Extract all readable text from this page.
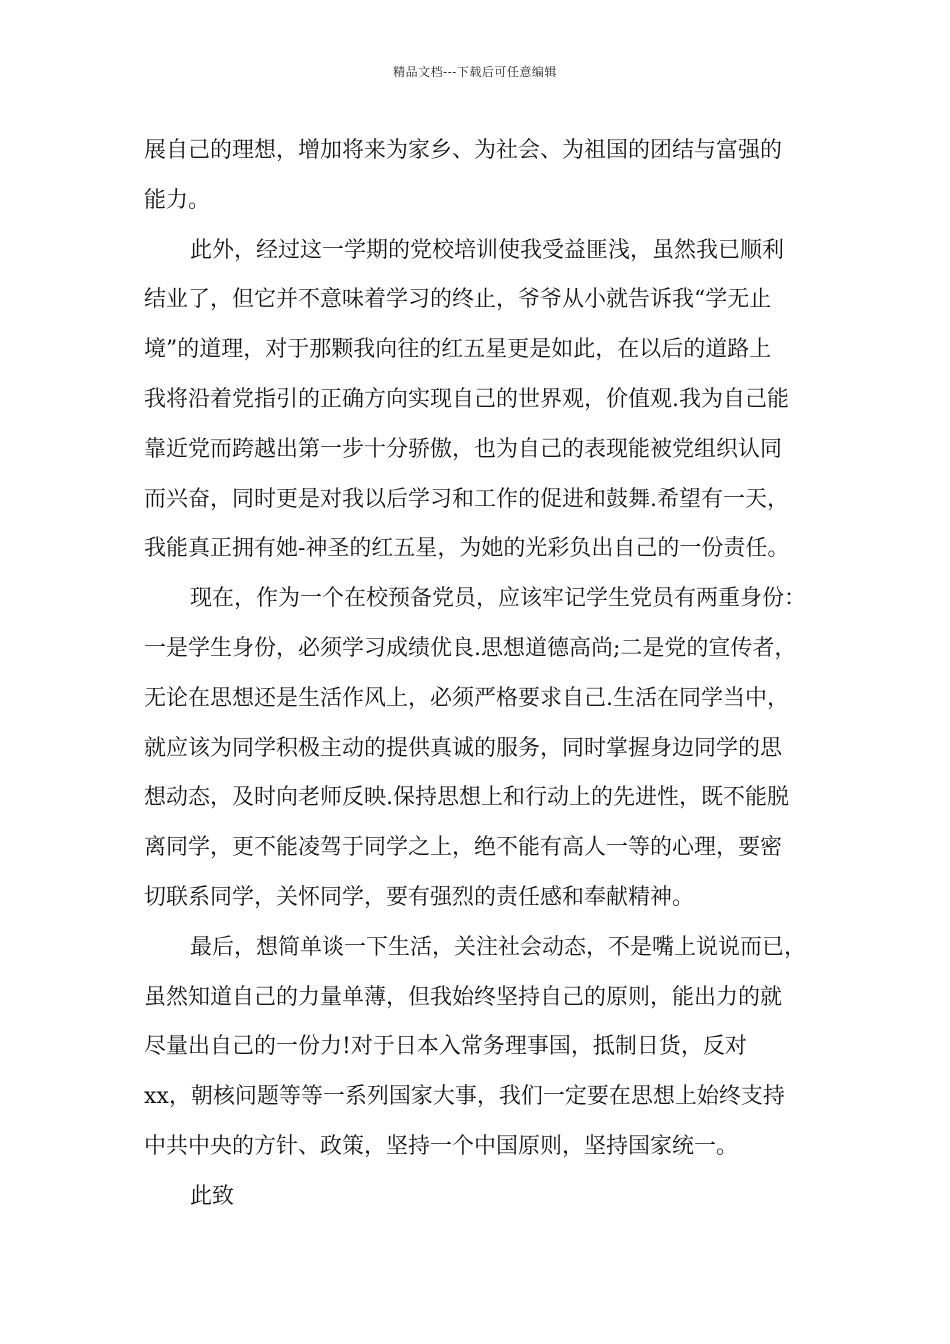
精品文档---下载后可任意编辑
展自己的理想，增加将来为家乡、为社会、为祖国的团结与富强的
能力。
此外，经过这一学期的党校培训使我受益匪浅，虽然我已顺利
结业了，但它并不意味着学习的终止，爷爷从小就告诉我“学无止
境”的道理，对于那颗我向往的红五星更是如此，在以后的道路上
我将沿着党指引的正确方向实现自己的世界观，价值观.我为自己能
靠近党而跨越出第一步十分骄傲，也为自己的表现能被党组织认同
而兴奋，同时更是对我以后学习和工作的促进和鼓舞.希望有一天，
我能真正拥有她-神圣的红五星，为她的光彩负出自己的一份责任。
现在，作为一个在校预备党员，应该牢记学生党员有两重身份：
一是学生身份，必须学习成绩优良.思想道德高尚;二是党的宣传者，
无论在思想还是生活作风上，必须严格要求自己.生活在同学当中，
就应该为同学积极主动的提供真诚的服务，同时掌握身边同学的思
想动态，及时向老师反映.保持思想上和行动上的先进性，既不能脱
离同学，更不能凌驾于同学之上，绝不能有高人一等的心理，要密
切联系同学，关怀同学，要有强烈的责任感和奉献精神。
最后，想简单谈一下生活，关注社会动态，不是嘴上说说而已，
虽然知道自己的力量单薄，但我始终坚持自己的原则，能出力的就
尽量出自己的一份力!对于日本入常务理事国，抵制日货，反对
xx，朝核问题等等一系列国家大事，我们一定要在思想上始终支持
中共中央的方针、政策，坚持一个中国原则，坚持国家统一。
此致
